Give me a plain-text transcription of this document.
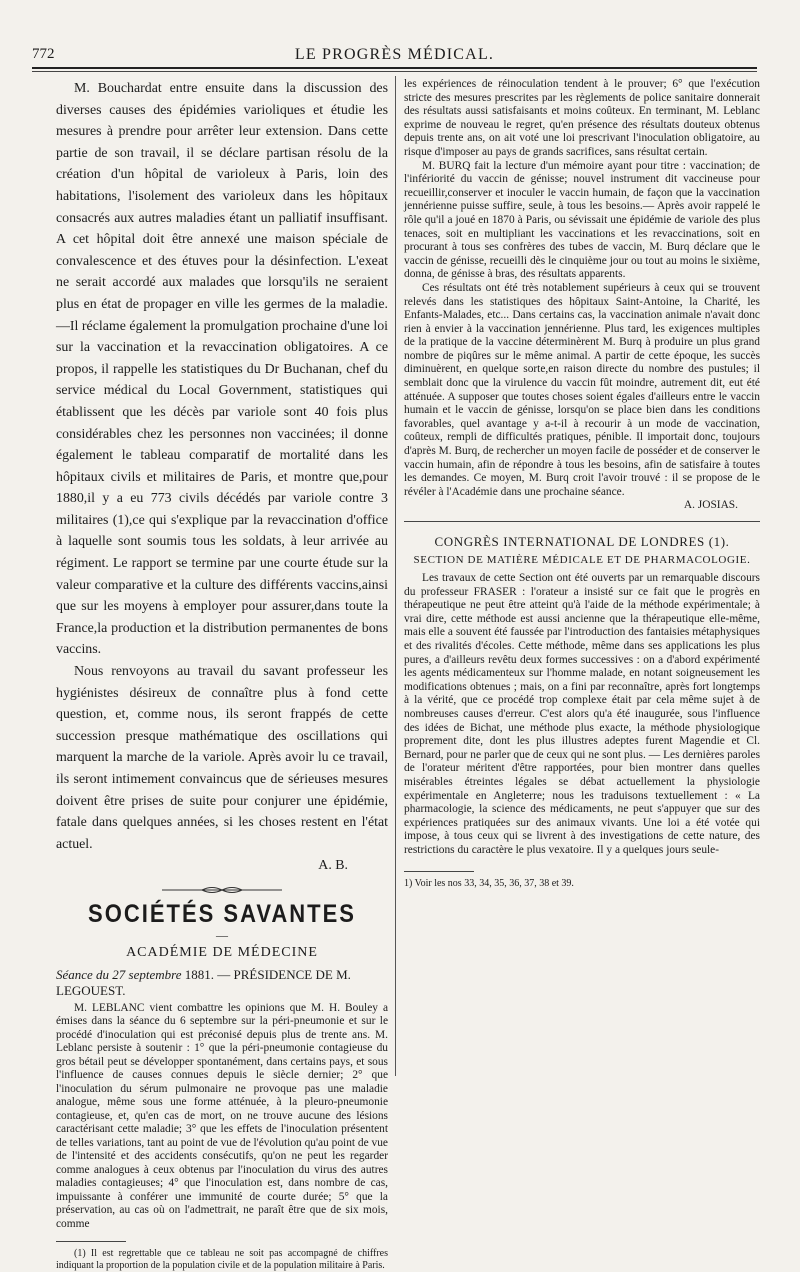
772	LE PROGRÈS MÉDICAL.

M. Bouchardat entre ensuite dans la discussion des diverses causes des épidémies varioliques et étudie les mesures à prendre pour arrêter leur extension. Dans cette partie de son travail, il se déclare partisan résolu de la création d'un hôpital de varioleux à Paris, loin des habitations, l'isolement des varioleux dans les hôpitaux consacrés aux autres maladies étant un palliatif insuffisant. A cet hôpital doit être annexé une maison spéciale de convalescence et des étuves pour la désinfection. L'exeat ne serait accordé aux malades que lorsqu'ils ne seraient plus en état de propager en ville les germes de la maladie.—Il réclame également la promulgation prochaine d'une loi sur la vaccination et la revaccination obligatoires. A ce propos, il rappelle les statistiques du Dr Buchanan, chef du service médical du Local Government, statistiques qui établissent que les décès par variole sont 40 fois plus considérables chez les personnes non vaccinées; il donne également le tableau comparatif de mortalité dans les hôpitaux civils et militaires de Paris, et montre que,pour 1880,il y a eu 773 civils décédés par variole contre 3 militaires (1),ce qui s'explique par la revaccination d'office à laquelle sont soumis tous les soldats, à leur arrivée au régiment. Le rapport se termine par une courte étude sur la valeur comparative et la culture des différents vaccins,ainsi que sur les moyens à employer pour assurer,dans toute la France,la production et la distribution permanentes de bons vaccins.

Nous renvoyons au travail du savant professeur les hygiénistes désireux de connaître plus à fond cette question, et, comme nous, ils seront frappés de cette succession presque mathématique des oscillations qui marquent la marche de la variole. Après avoir lu ce travail, ils seront intimement convaincus que de sérieuses mesures doivent être prises de suite pour conjurer une épidémie, fatale dans quelques années, si les choses restent en l'état actuel.

A. B.
SOCIÉTÉS SAVANTES
—
ACADÉMIE DE MÉDECINE
Séance du 27 septembre 1881. — PRÉSIDENCE DE M. LEGOUEST.

M. LEBLANC vient combattre les opinions que M. H. Bouley a émises dans la séance du 6 septembre sur la péri-pneumonie et sur le procédé d'inoculation qui est préconisé depuis plus de trente ans. M. Leblanc persiste à soutenir : 1° que la péri-pneumonie contagieuse du gros bétail peut se développer spontanément, dans certains pays, et sous l'influence de causes connues depuis le siècle dernier; 2° que l'inoculation du sérum pulmonaire ne provoque pas une maladie analogue, même sous une forme atténuée, à la pleuro-pneumonie contagieuse, et, qu'en cas de mort, on ne trouve aucune des lésions caractérisant cette maladie; 3° que les effets de l'inoculation présentent de telles variations, tant au point de vue de l'évolution qu'au point de vue de l'intensité et des accidents consécutifs, qu'on ne peut les regarder comme analogues à ceux obtenus par l'inoculation du virus des autres maladies contagieuses; 4° que l'inoculation est, dans nombre de cas, impuissante à conférer une immunité de courte durée; 5° que la préservation, au cas où on l'admettrait, ne paraît être que de six mois, comme

(1) Il est regrettable que ce tableau ne soit pas accompagné de chiffres indiquant la proportion de la population civile et de la population militaire à Paris.

les expériences de réinoculation tendent à le prouver; 6° que l'exécution stricte des mesures prescrites par les règlements de police sanitaire donnerait des résultats aussi satisfaisants et moins coûteux. En terminant, M. Leblanc exprime de nouveau le regret, qu'en présence des résultats douteux obtenus depuis trente ans, on ait voté une loi prescrivant l'inoculation obligatoire, au risque d'imposer au pays de grands sacrifices, sans résultat certain.

M. BURQ fait la lecture d'un mémoire ayant pour titre : vaccination; de l'infériorité du vaccin de génisse; nouvel instrument dit vaccineuse pour recueillir,conserver et inoculer le vaccin humain, de façon que la vaccination jennérienne puisse suffire, seule, à tous les besoins.— Après avoir rappelé le rôle qu'il a joué en 1870 à Paris, ou sévissait une épidémie de variole des plus tenaces, soit en multipliant les vaccinations et les revaccinations, soit en procurant à tous ses confrères des tubes de vaccin, M. Burq déclare que le vaccin de génisse, recueilli dès le cinquième jour ou tout au moins le sixième, donna, de génisse à bras, des résultats apparents.

Ces résultats ont été très notablement supérieurs à ceux qui se trouvent relevés dans les statistiques des hôpitaux Saint-Antoine, la Charité, les Enfants-Malades, etc... Dans certains cas, la vaccination animale n'avait donc rien à envier à la vaccination jennérienne. Plus tard, les exigences multiples de la pratique de la vaccine déterminèrent M. Burq à produire un plus grand nombre de piqûres sur le même animal. A partir de cette époque, les succès diminuèrent, en quelque sorte,en raison directe du nombre des pustules; il semblait donc que la virulence du vaccin fût moindre, autrement dit, eut été atténuée. A supposer que toutes choses soient égales d'ailleurs entre le vaccin humain et le vaccin de génisse, lorsqu'on se place bien dans les conditions favorables, quel avantage y a-t-il à recourir à un mode de vaccination, coûteux, rempli de difficultés pratiques, pénible. Il importait donc, toujours d'après M. Burq, de rechercher un moyen facile de posséder et de conserver le vaccin humain, afin de répondre à tous les besoins, afin de satisfaire à toutes les demandes. Ce moyen, M. Burq croit l'avoir trouvé : il se propose de le révéler à l'Académie dans une prochaine séance.

A. JOSIAS.
CONGRÈS INTERNATIONAL DE LONDRES (1).
SECTION DE MATIÈRE MÉDICALE ET DE PHARMACOLOGIE.

Les travaux de cette Section ont été ouverts par un remarquable discours du professeur FRASER : l'orateur a insisté sur ce fait que le progrès en thérapeutique ne peut être atteint qu'à l'aide de la méthode expérimentale; à vrai dire, cette méthode est aussi ancienne que la thérapeutique elle-même, mais elle a souvent été faussée par l'introduction des fantaisies métaphysiques et des rivalités d'écoles. Cette méthode, même dans ses applications les plus pures, a d'ailleurs revêtu deux formes successives : on a d'abord expérimenté les agents médicamenteux sur l'homme malade, en notant soigneusement les modifications obtenues ; mais, on a fini par reconnaître, après fort longtemps à la vérité, que ce procédé trop complexe était par cela même sujet à de nombreuses causes d'erreur. C'est alors qu'a été inaugurée, sous l'influence des idées de Bichat, une méthode plus exacte, la méthode physiologique proprement dite, dont les plus illustres adeptes furent Magendie et Cl. Bernard, pour ne parler que de ceux qui ne sont plus. — Les dernières paroles de l'orateur méritent d'être rapportées, pour bien montrer dans quelles misérables étreintes légales se débat actuellement la physiologie expérimentale en Angleterre; nous les traduisons textuellement : « La pharmacologie, la science des médicaments, ne peut s'appuyer que sur des expériences pratiquées sur des animaux vivants. Une loi a été votée qui impose, à tous ceux qui se livrent à des investigations de cette nature, des restrictions du caractère le plus vexatoire. Il y a quelques jours seule-

1) Voir les nos 33, 34, 35, 36, 37, 38 et 39.
